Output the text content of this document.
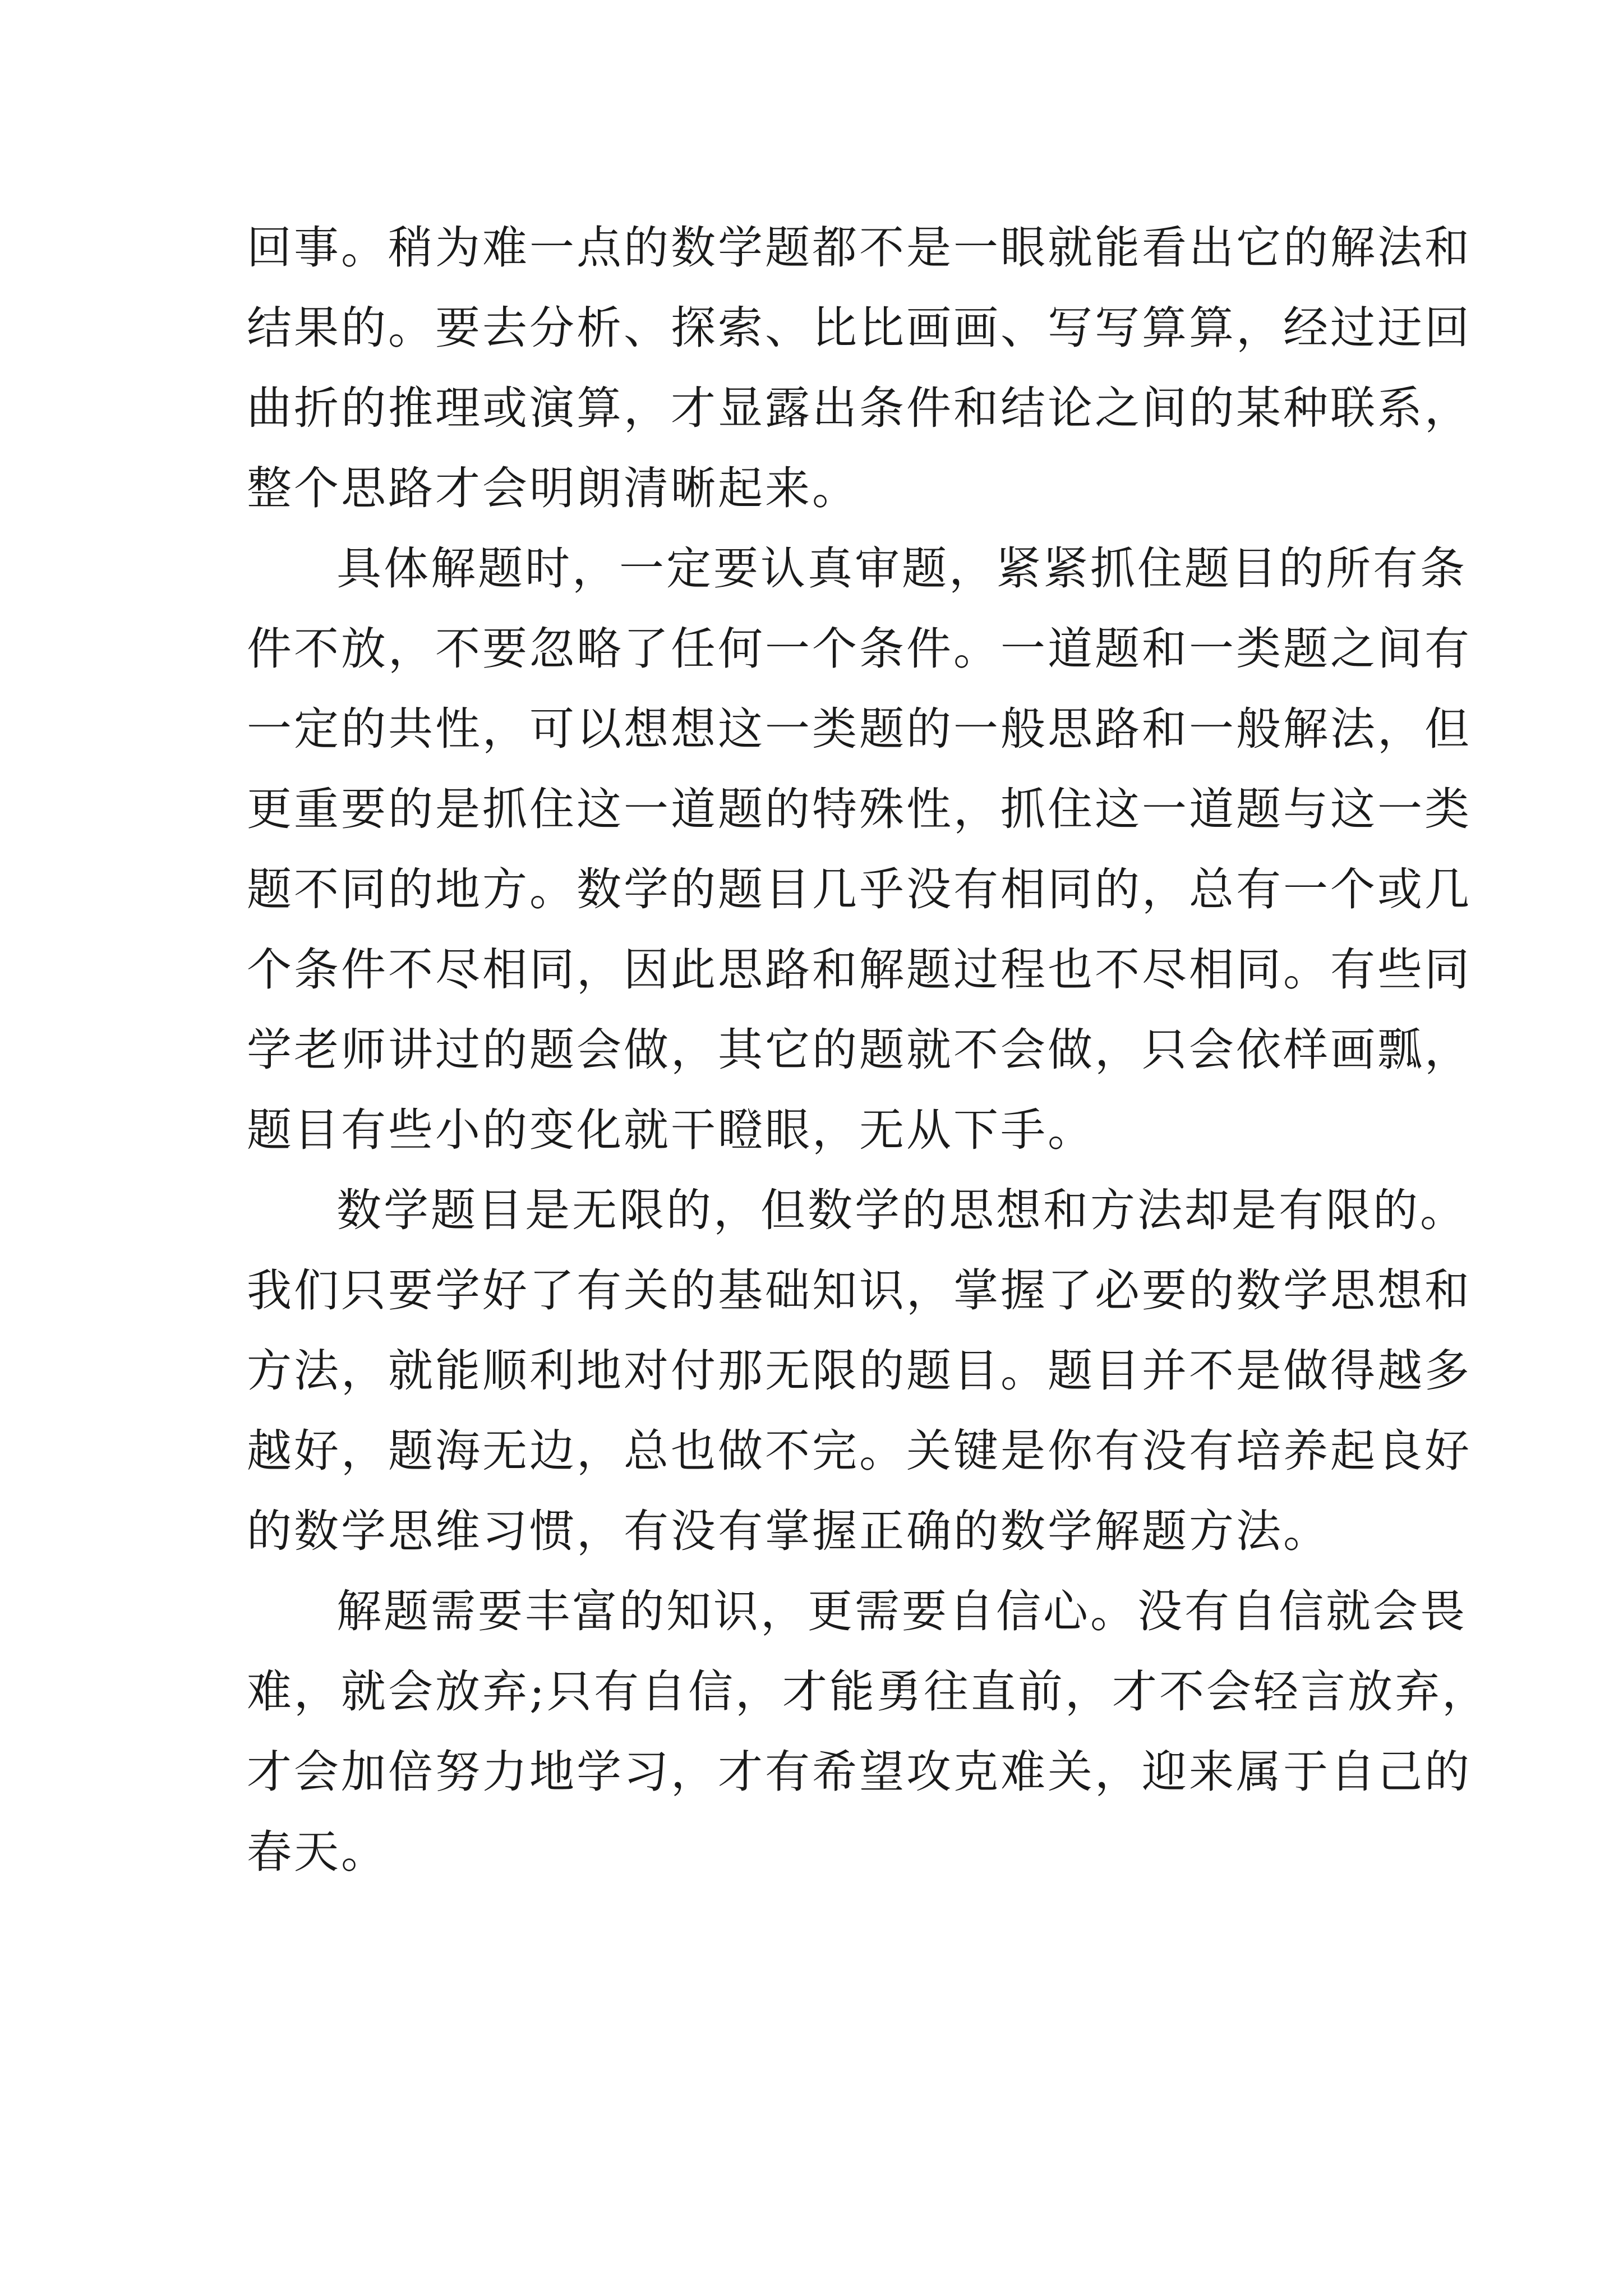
回事。稍为难一点的数学题都不是一眼就能看出它的解法和
结果的。要去分析、探索、比比画画、写写算算，经过迂回
曲折的推理或演算，才显露出条件和结论之间的某种联系，
整个思路才会明朗清晰起来。
具体解题时，一定要认真审题，紧紧抓住题目的所有条
件不放，不要忽略了任何一个条件。一道题和一类题之间有
一定的共性，可以想想这一类题的一般思路和一般解法，但
更重要的是抓住这一道题的特殊性，抓住这一道题与这一类
题不同的地方。数学的题目几乎没有相同的，总有一个或几
个条件不尽相同，因此思路和解题过程也不尽相同。有些同
学老师讲过的题会做，其它的题就不会做，只会依样画瓢，
题目有些小的变化就干瞪眼，无从下手。
数学题目是无限的，但数学的思想和方法却是有限的。
我们只要学好了有关的基础知识，掌握了必要的数学思想和
方法，就能顺利地对付那无限的题目。题目并不是做得越多
越好，题海无边，总也做不完。关键是你有没有培养起良好
的数学思维习惯，有没有掌握正确的数学解题方法。
解题需要丰富的知识，更需要自信心。没有自信就会畏
难，就会放弃;只有自信，才能勇往直前，才不会轻言放弃，
才会加倍努力地学习，才有希望攻克难关，迎来属于自己的
春天。
